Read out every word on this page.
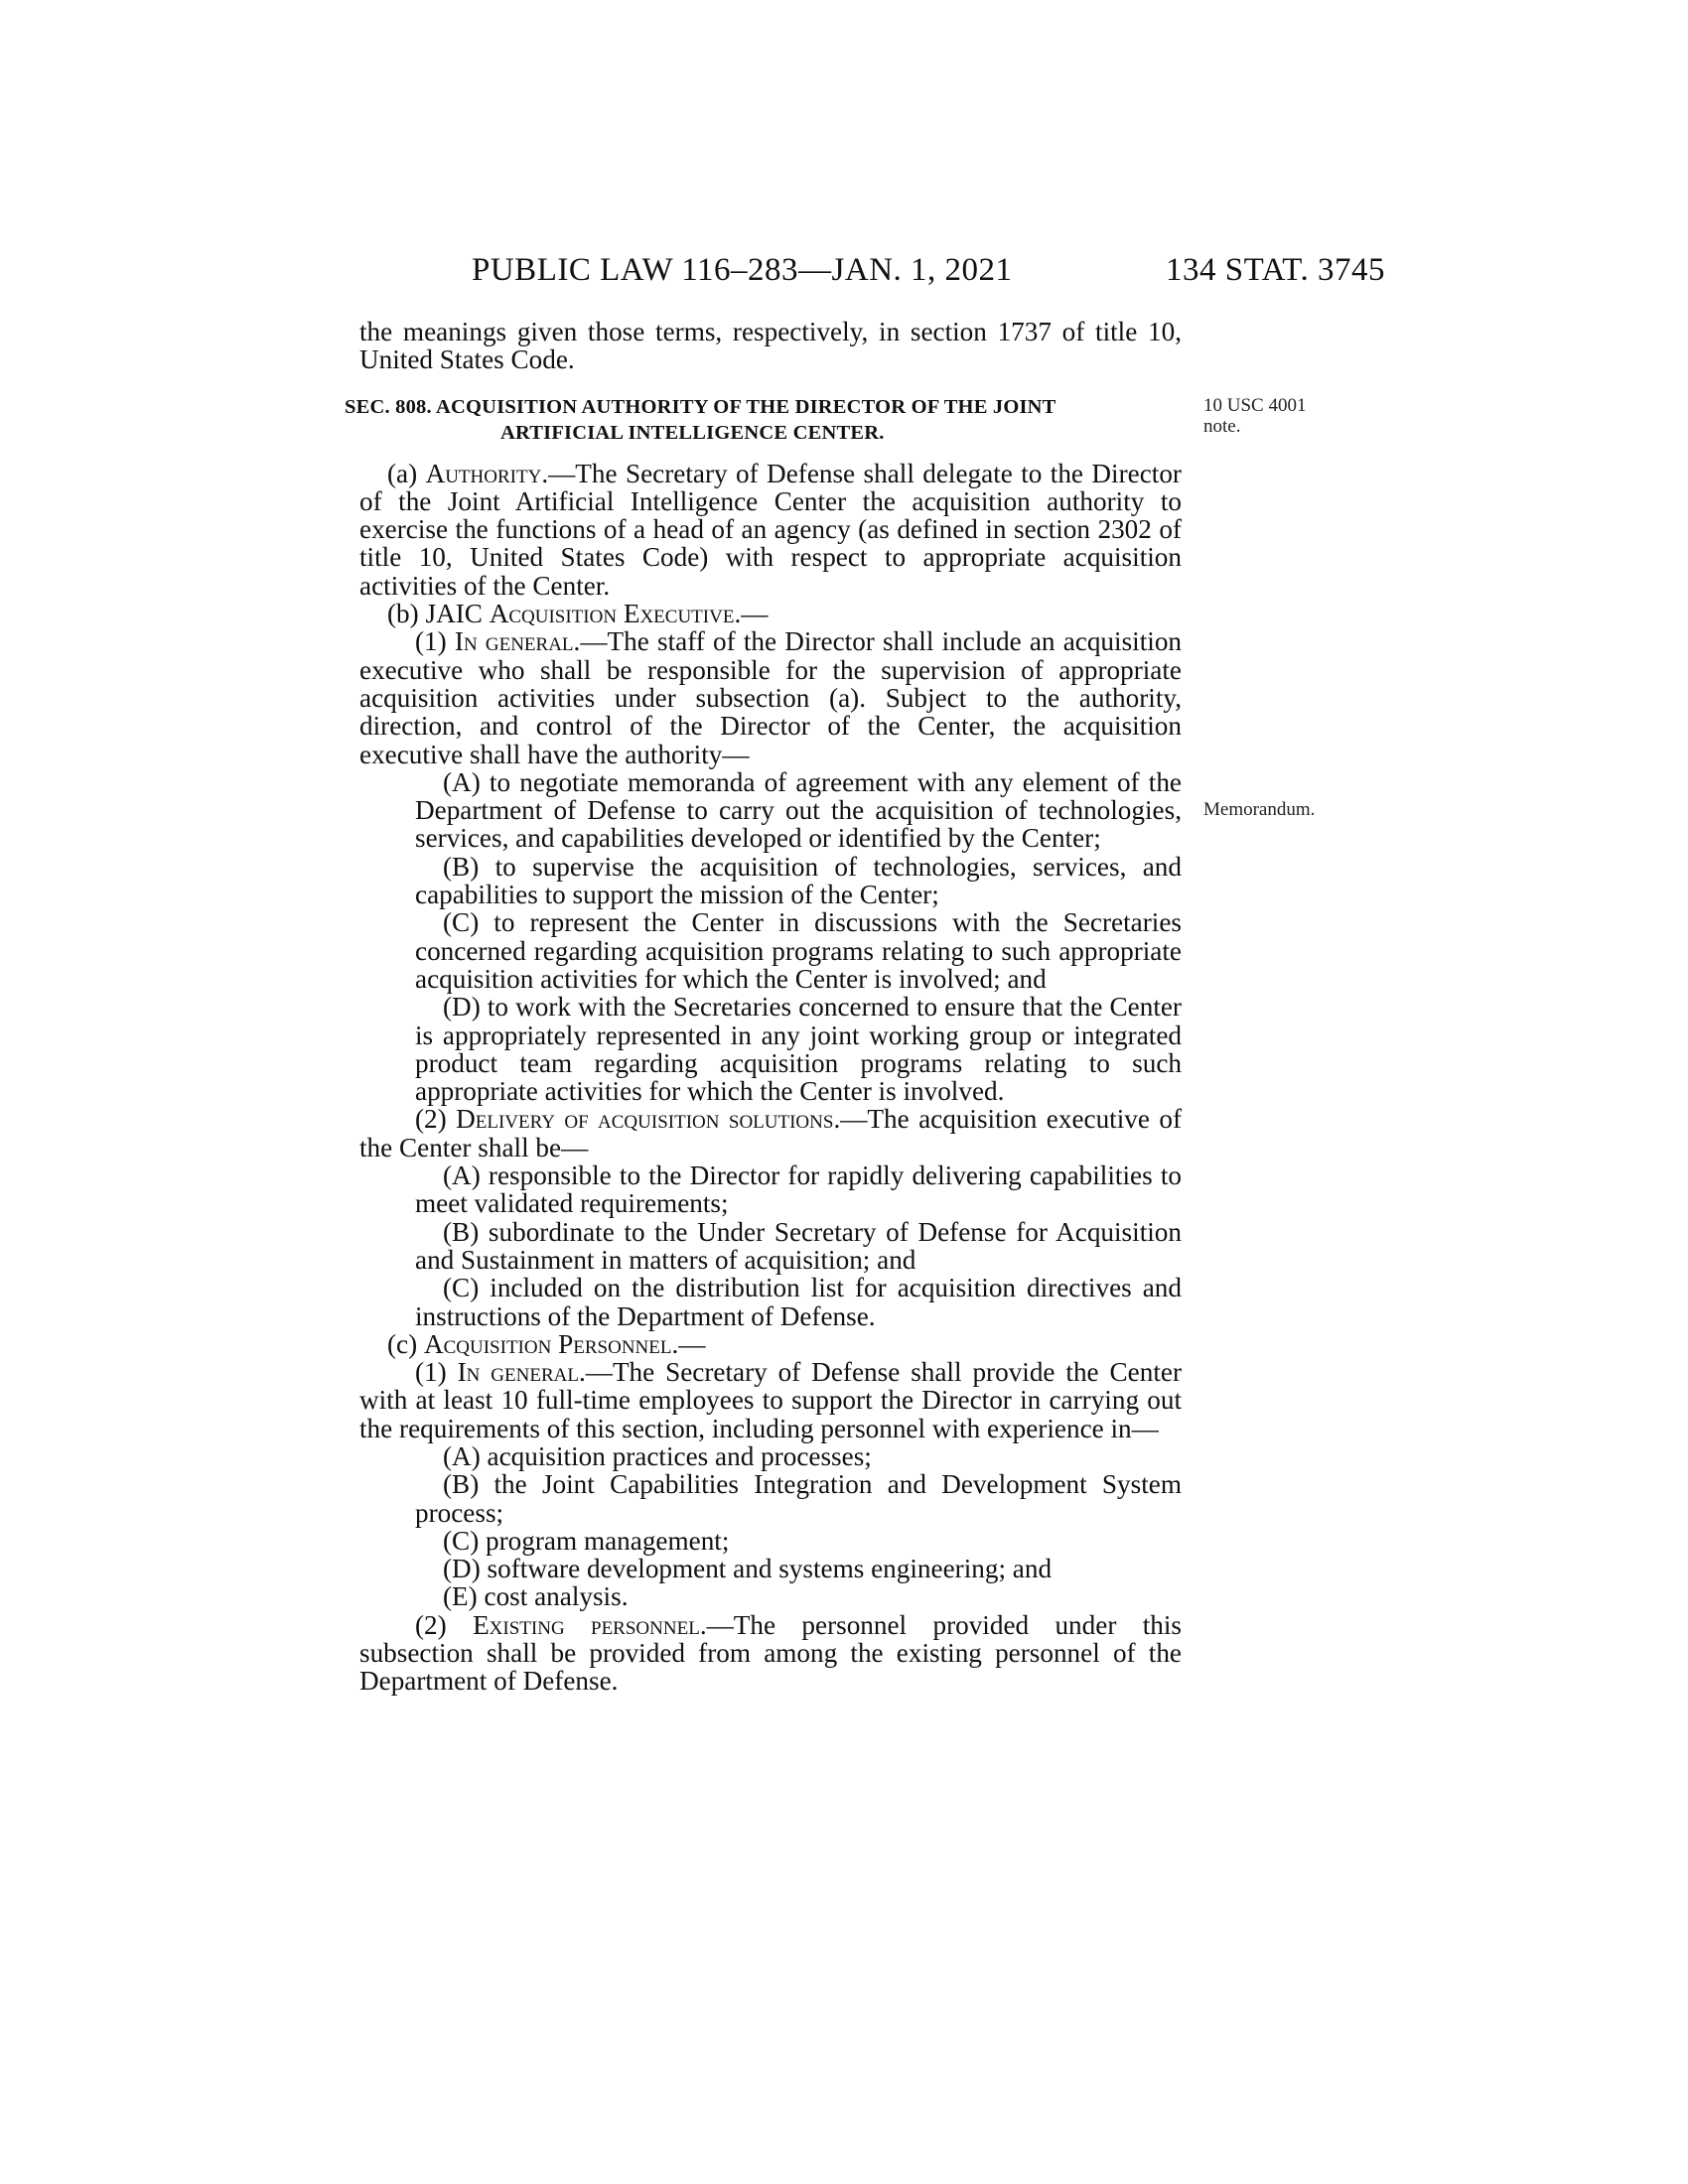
PUBLIC LAW 116–283—JAN. 1, 2021	134 STAT. 3745
10 USC 4001
note.
Memorandum.

the meanings given those terms, respectively, in section 1737 of title 10, United States Code.

SEC. 808. ACQUISITION AUTHORITY OF THE DIRECTOR OF THE JOINT
ARTIFICIAL INTELLIGENCE CENTER.

(a) Authority.—The Secretary of Defense shall delegate to the Director of the Joint Artificial Intelligence Center the acquisition authority to exercise the functions of a head of an agency (as defined in section 2302 of title 10, United States Code) with respect to appropriate acquisition activities of the Center.

(b) JAIC Acquisition Executive.—

(1) In general.—The staff of the Director shall include an acquisition executive who shall be responsible for the supervision of appropriate acquisition activities under subsection (a). Subject to the authority, direction, and control of the Director of the Center, the acquisition executive shall have the authority—

(A) to negotiate memoranda of agreement with any element of the Department of Defense to carry out the acquisition of technologies, services, and capabilities developed or identified by the Center;

(B) to supervise the acquisition of technologies, services, and capabilities to support the mission of the Center;

(C) to represent the Center in discussions with the Secretaries concerned regarding acquisition programs relating to such appropriate acquisition activities for which the Center is involved; and

(D) to work with the Secretaries concerned to ensure that the Center is appropriately represented in any joint working group or integrated product team regarding acquisition programs relating to such appropriate activities for which the Center is involved.

(2) Delivery of acquisition solutions.—The acquisition executive of the Center shall be—

(A) responsible to the Director for rapidly delivering capabilities to meet validated requirements;

(B) subordinate to the Under Secretary of Defense for Acquisition and Sustainment in matters of acquisition; and

(C) included on the distribution list for acquisition directives and instructions of the Department of Defense.

(c) Acquisition Personnel.—

(1) In general.—The Secretary of Defense shall provide the Center with at least 10 full-time employees to support the Director in carrying out the requirements of this section, including personnel with experience in—

(A) acquisition practices and processes;

(B) the Joint Capabilities Integration and Development System process;

(C) program management;

(D) software development and systems engineering; and

(E) cost analysis.

(2) Existing personnel.—The personnel provided under this subsection shall be provided from among the existing personnel of the Department of Defense.
